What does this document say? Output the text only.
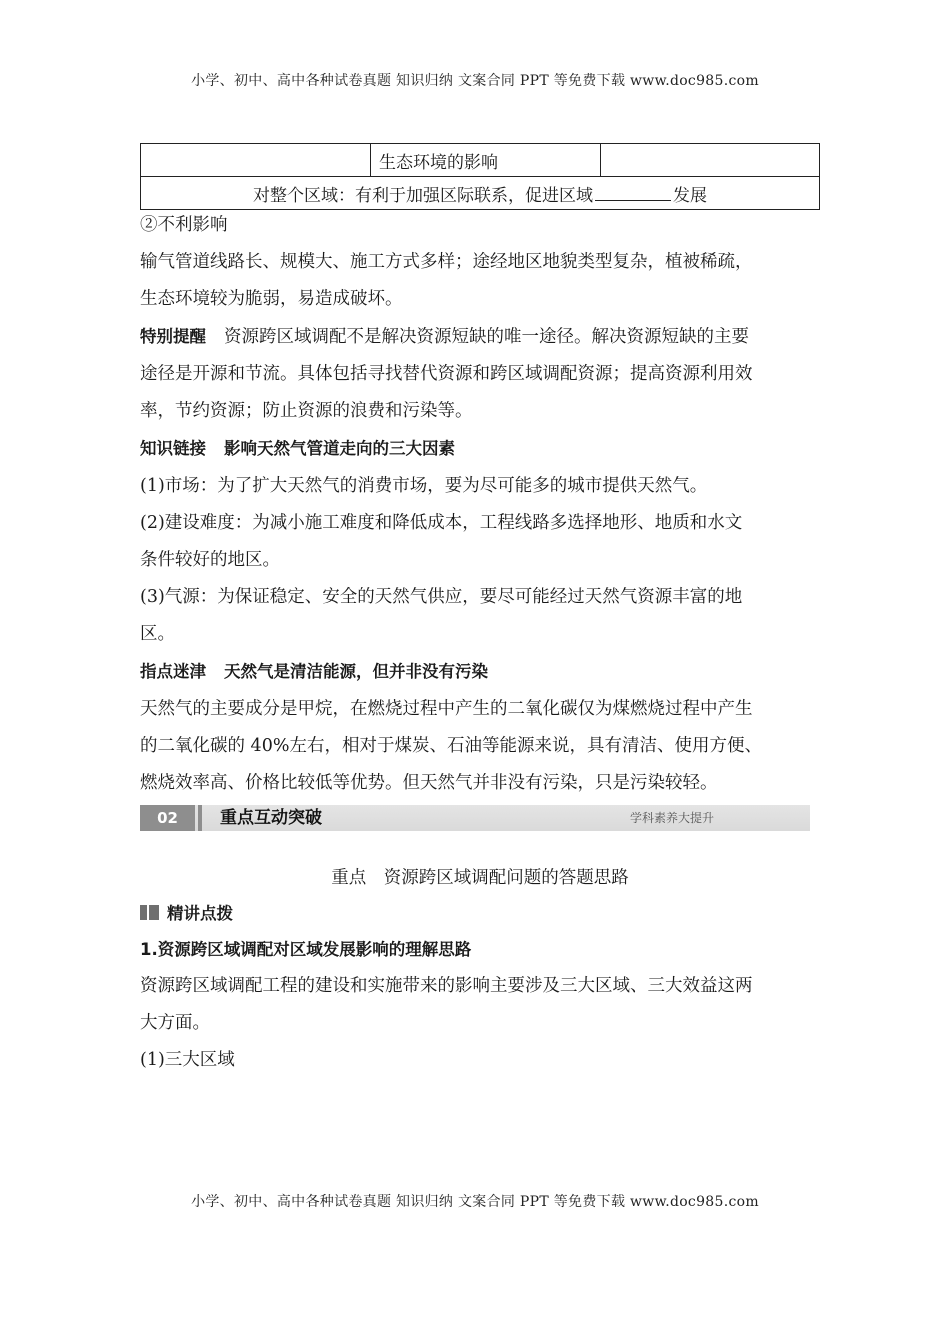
小学、初中、高中各种试卷真题 知识归纳 文案合同 PPT 等免费下载 www.doc985.com
	生态环境的影响	
对整个区域：有利于加强区际联系，促进区域	发展

②不利影响

输气管道线路长、规模大、施工方式多样；途经地区地貌类型复杂，植被稀疏，

生态环境较为脆弱，易造成破坏。

特别提醒 资源跨区域调配不是解决资源短缺的唯一途径。解决资源短缺的主要

途径是开源和节流。具体包括寻找替代资源和跨区域调配资源；提高资源利用效

率，节约资源；防止资源的浪费和污染等。

知识链接 影响天然气管道走向的三大因素

(1)市场：为了扩大天然气的消费市场，要为尽可能多的城市提供天然气。

(2)建设难度：为减小施工难度和降低成本，工程线路多选择地形、地质和水文

条件较好的地区。

(3)气源：为保证稳定、安全的天然气供应，要尽可能经过天然气资源丰富的地

区。

指点迷津 天然气是清洁能源，但并非没有污染

天然气的主要成分是甲烷，在燃烧过程中产生的二氧化碳仅为煤燃烧过程中产生

的二氧化碳的 40%左右，相对于煤炭、石油等能源来说，具有清洁、使用方便、

燃烧效率高、价格比较低等优势。但天然气并非没有污染，只是污染较轻。

02	重点互动突破	学科素养大提升

重点　资源跨区域调配问题的答题思路

精讲点拨

1.资源跨区域调配对区域发展影响的理解思路

资源跨区域调配工程的建设和实施带来的影响主要涉及三大区域、三大效益这两

大方面。

(1)三大区域

小学、初中、高中各种试卷真题 知识归纳 文案合同 PPT 等免费下载 www.doc985.com
